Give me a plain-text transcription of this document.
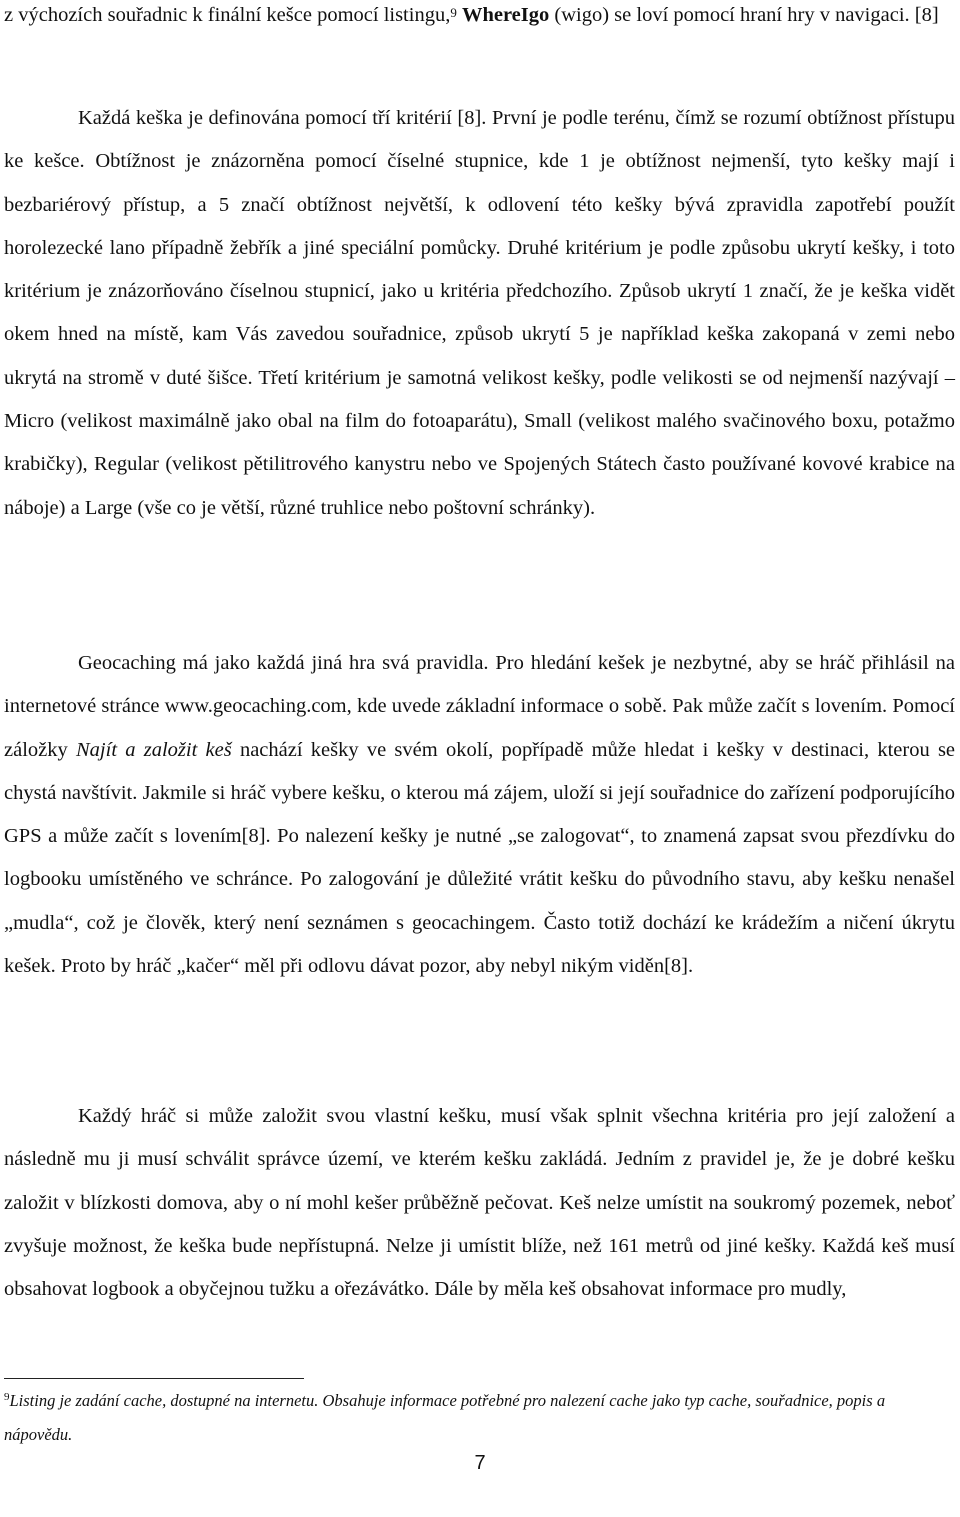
z výchozích souřadnic k finální kešce pomocí listingu,$^9$ WhereIgo (wigo) se loví pomocí hraní hry v navigaci. [8]

Každá keška je definována pomocí tří kritérií [8]. První je podle terénu, čímž se rozumí obtížnost přístupu ke kešce. Obtížnost je znázorněna pomocí číselné stupnice, kde 1 je obtížnost nejmenší, tyto kešky mají i bezbariérový přístup, a 5 značí obtížnost největší, k odlovení této kešky bývá zpravidla zapotřebí použít horolezecké lano případně žebřík a jiné speciální pomůcky. Druhé kritérium je podle způsobu ukrytí kešky, i toto kritérium je znázorňováno číselnou stupnicí, jako u kritéria předchozího. Způsob ukrytí 1 značí, že je keška vidět okem hned na místě, kam Vás zavedou souřadnice, způsob ukrytí 5 je například keška zakopaná v zemi nebo ukrytá na stromě v duté šišce. Třetí kritérium je samotná velikost kešky, podle velikosti se od nejmenší nazývají – Micro (velikost maximálně jako obal na film do fotoaparátu), Small (velikost malého svačinového boxu, potažmo krabičky), Regular (velikost pětilitrového kanystru nebo ve Spojených Státech často používané kovové krabice na náboje) a Large (vše co je větší, různé truhlice nebo poštovní schránky).

Geocaching má jako každá jiná hra svá pravidla. Pro hledání kešek je nezbytné, aby se hráč přihlásil na internetové stránce www.geocaching.com, kde uvede základní informace o sobě. Pak může začít s lovením. Pomocí záložky Najít a založit keš nachází kešky ve svém okolí, popřípadě může hledat i kešky v destinaci, kterou se chystá navštívit. Jakmile si hráč vybere kešku, o kterou má zájem, uloží si její souřadnice do zařízení podporujícího GPS a může začít s lovením[8]. Po nalezení kešky je nutné „se zalogovat“, to znamená zapsat svou přezdívku do logbooku umístěného ve schránce. Po zalogování je důležité vrátit kešku do původního stavu, aby kešku nenašel „mudla“, což je člověk, který není seznámen s geocachingem. Často totiž dochází ke krádežím a ničení úkrytu kešek. Proto by hráč „kačer“ měl při odlovu dávat pozor, aby nebyl nikým viděn[8].

Každý hráč si může založit svou vlastní kešku, musí však splnit všechna kritéria pro její založení a následně mu ji musí schválit správce území, ve kterém kešku zakládá. Jedním z pravidel je, že je dobré kešku založit v blízkosti domova, aby o ní mohl kešer průběžně pečovat. Keš nelze umístit na soukromý pozemek, neboť zvyšuje možnost, že keška bude nepřístupná. Nelze ji umístit blíže, než 161 metrů od jiné kešky. Každá keš musí obsahovat logbook a obyčejnou tužku a ořezávátko. Dále by měla keš obsahovat informace pro mudly,

$^9$Listing je zadání cache, dostupné na internetu. Obsahuje informace potřebné pro nalezení cache jako typ cache, souřadnice, popis a nápovědu.

7
